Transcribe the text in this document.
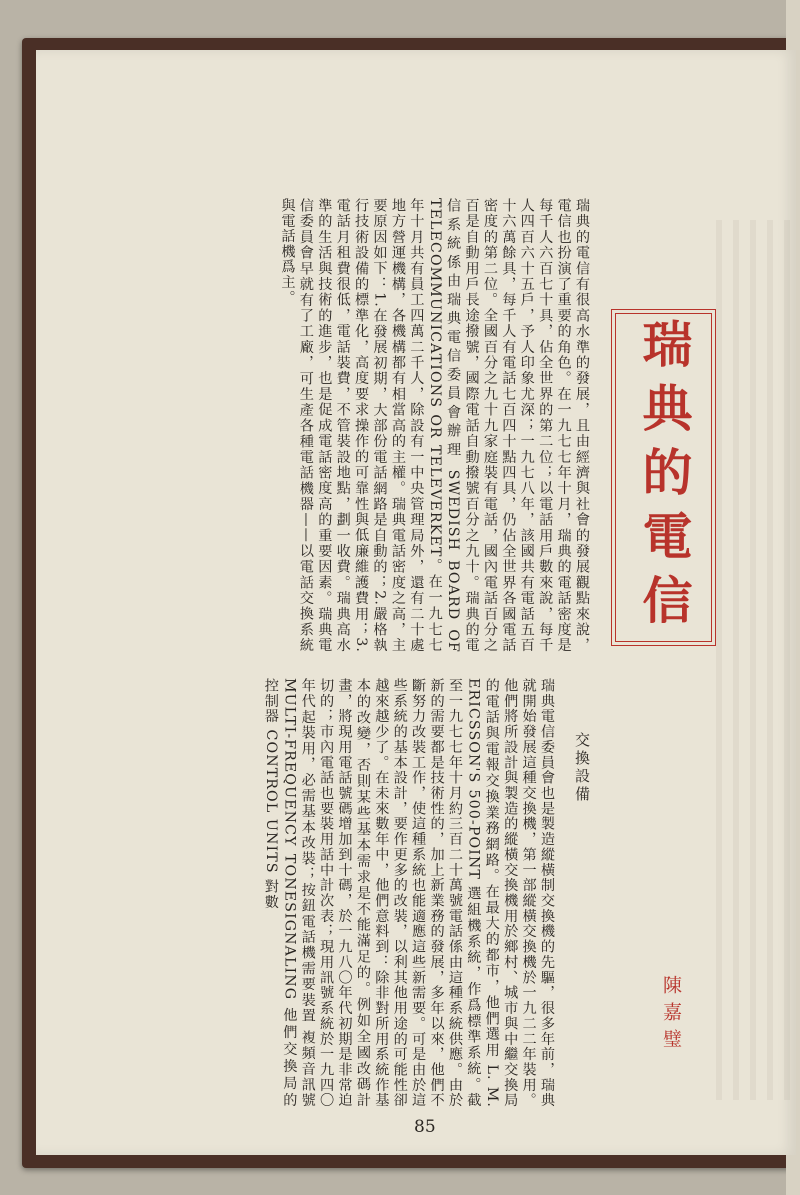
瑞典的電信有很高水準的發展，且由經濟與社會的發展觀點來說，電信也扮演了重要的角色。在一九七七年十月，瑞典的電話密度是每千人六百七十具，佔全世界的第二位；以電話用戶數來說，每千人四百六十五戶，予人印象尤深；一九七八年，該國共有電話五百十六萬餘具，每千人有電話七百四十點四具，仍佔全世界各國電話密度的第二位。全國百分之九十九家庭裝有電話，國內電話百分之百是自動用戶長途撥號，國際電話自動撥號百分之九十。瑞典的電信系統係由瑞典電信委員會辦理 SWEDISH BOARD OF TELECOMMUNICATIONS OR TELEVERKET。在一九七七年十月共有員工四萬二千人，除設有一中央管理局外，還有二十處地方營運機構，各機構都有相當高的主權。瑞典電話密度之高，主要原因如下：1.在發展初期，大部份電話網路是自動的；2.嚴格執行技術設備的標準化，高度要求操作的可靠性與低廉維護費用；3.電話月租費很低，電話裝費，不管裝設地點，劃一收費。瑞典高水準的生活與技術的進步，也是促成電話密度高的重要因素。瑞典電信委員會早就有了工廠，可生產各種電話機器——以電話交換系統與電話機爲主。
瑞典的電信
交換設備
瑞典電信委員會也是製造縱橫制交換機的先驅，很多年前，瑞典就開始發展這種交換機，第一部縱橫交換機於一九二二年裝用。他們將所設計與製造的縱橫交換機用於鄉村、城市與中繼交換局的電話與電報交換業務網路。在最大的都市，他們選用 L. M. ERICSSON'S 500-POINT 選組機系統，作爲標準系統。截至一九七七年十月約三百二十萬號電話係由這種系統供應。由於新的需要都是技術性的，加上新業務的發展，多年以來，他們不斷努力改裝工作，使這種系統也能適應這些新需要。可是由於這些系統的基本設計，要作更多的改裝，以利其他用途的可能性卻越來越少了。在未來數年中，他們意料到：除非對所用系統作基本的改變，否則某些基本需求是不能滿足的。例如全國改碼計畫，將現用電話號碼增加到十碼，於一九八〇年代初期是非常迫切的；市內電話也要裝用話中計次表；現用訊號系統於一九四〇年代起裝用，必需基本改裝；按鈕電話機需要裝置 複頻音訊號 MULTI-FREQUENCY TONESIGNALING 他們交換局的控制器 CONTROL UNITS 對數
陳嘉璧
85
